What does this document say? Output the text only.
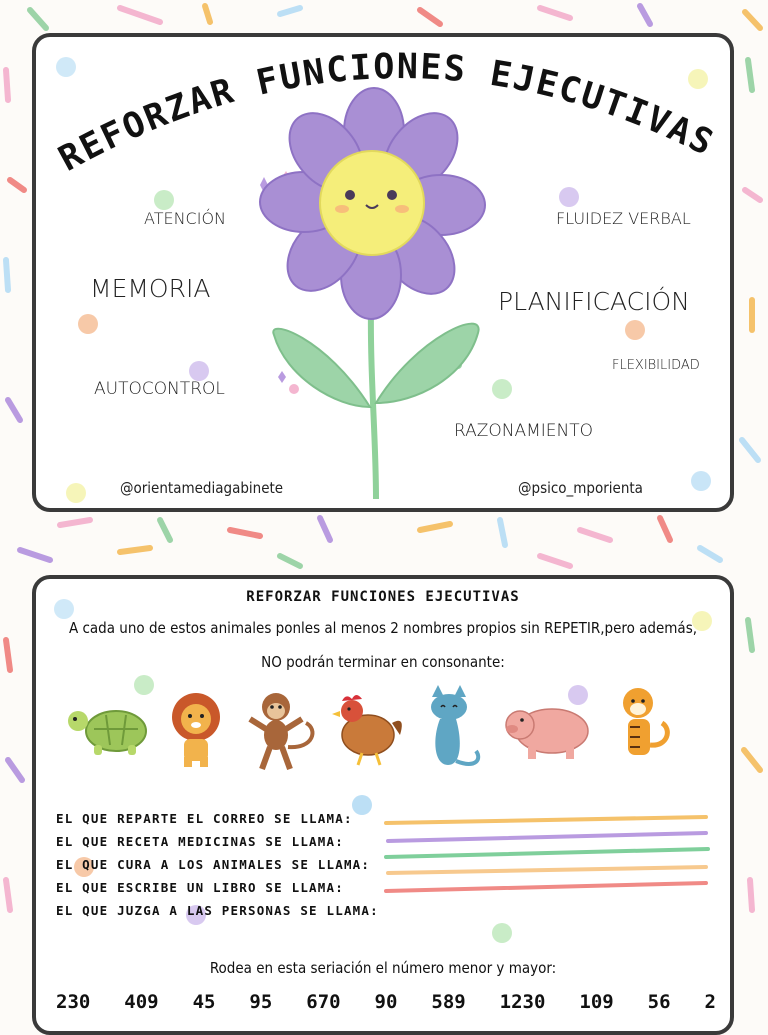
REFORZAR FUNCIONES EJECUTIVAS
ATENCIÓN	FLUIDEZ VERBAL
MEMORIA	PLANIFICACIÓN
FLEXIBILIDAD
AUTOCONTROL
RAZONAMIENTO
@orientamediagabinete	@psico_mporienta
REFORZAR FUNCIONES EJECUTIVAS
A cada uno de estos animales ponles al menos 2 nombres propios sin REPETIR,pero además,
NO podrán terminar en consonante:
EL QUE REPARTE EL CORREO SE LLAMA:
EL QUE RECETA MEDICINAS SE LLAMA:
EL QUE CURA A LOS ANIMALES SE LLAMA:
EL QUE ESCRIBE UN LIBRO SE LLAMA:
EL QUE JUZGA A LAS PERSONAS SE LLAMA:
Rodea en esta seriación el número menor y mayor:
230 409 45 95 670 90 589 1230 109 56 2
